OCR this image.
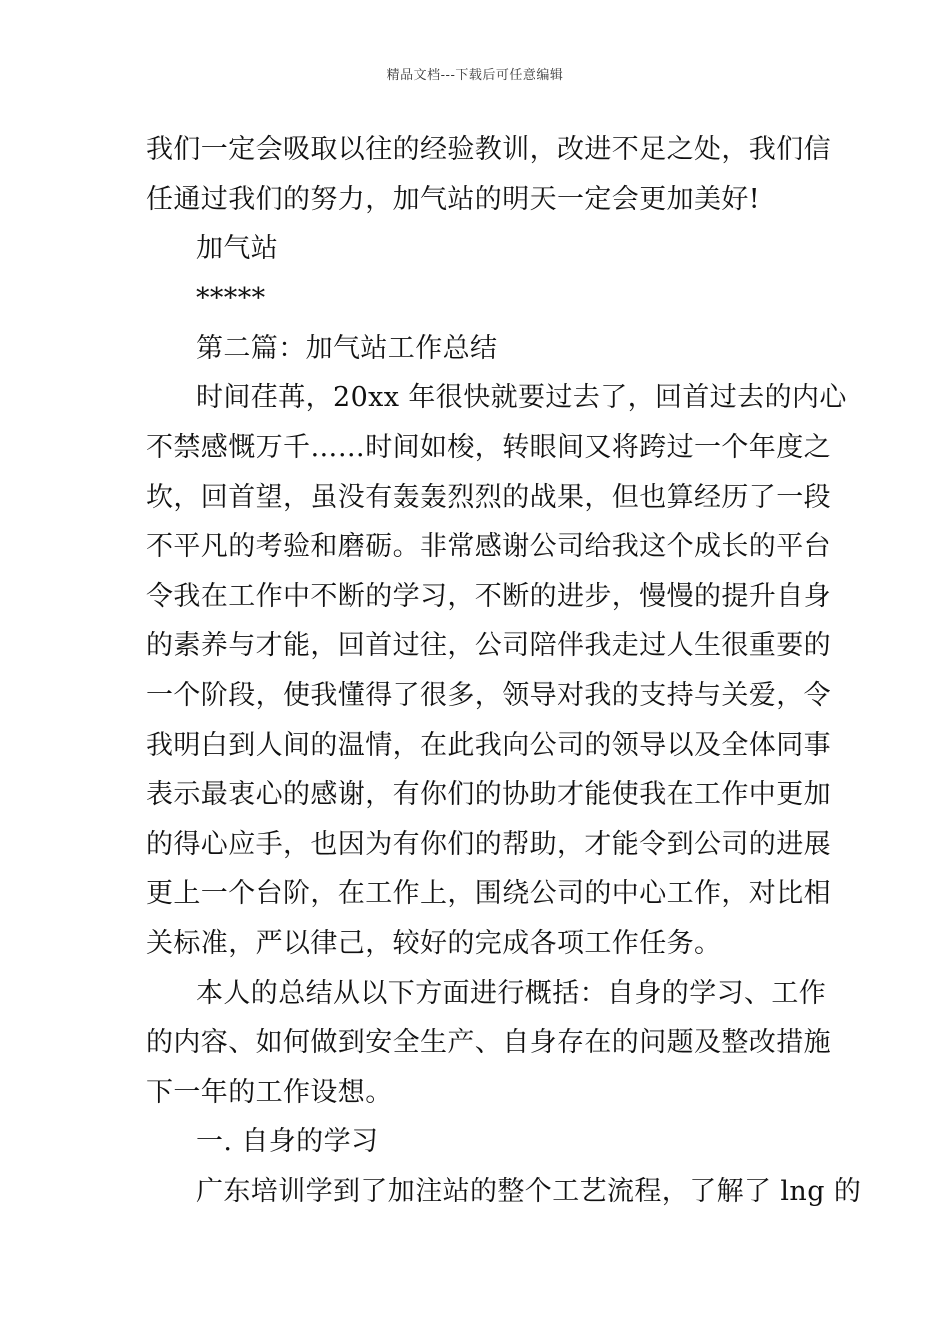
精品文档---下载后可任意编辑
我们一定会吸取以往的经验教训，改进不足之处，我们信
任通过我们的努力，加气站的明天一定会更加美好!
加气站
*****
第二篇：加气站工作总结
时间荏苒，20xx 年很快就要过去了，回首过去的内心
不禁感慨万千……时间如梭，转眼间又将跨过一个年度之
坎，回首望，虽没有轰轰烈烈的战果，但也算经历了一段
不平凡的考验和磨砺。非常感谢公司给我这个成长的平台
令我在工作中不断的学习，不断的进步，慢慢的提升自身
的素养与才能，回首过往，公司陪伴我走过人生很重要的
一个阶段，使我懂得了很多，领导对我的支持与关爱，令
我明白到人间的温情，在此我向公司的领导以及全体同事
表示最衷心的感谢，有你们的协助才能使我在工作中更加
的得心应手，也因为有你们的帮助，才能令到公司的进展
更上一个台阶，在工作上，围绕公司的中心工作，对比相
关标准，严以律己，较好的完成各项工作任务。
本人的总结从以下方面进行概括：自身的学习、工作
的内容、如何做到安全生产、自身存在的问题及整改措施
下一年的工作设想。
一. 自身的学习
广东培训学到了加注站的整个工艺流程，了解了 lng 的
